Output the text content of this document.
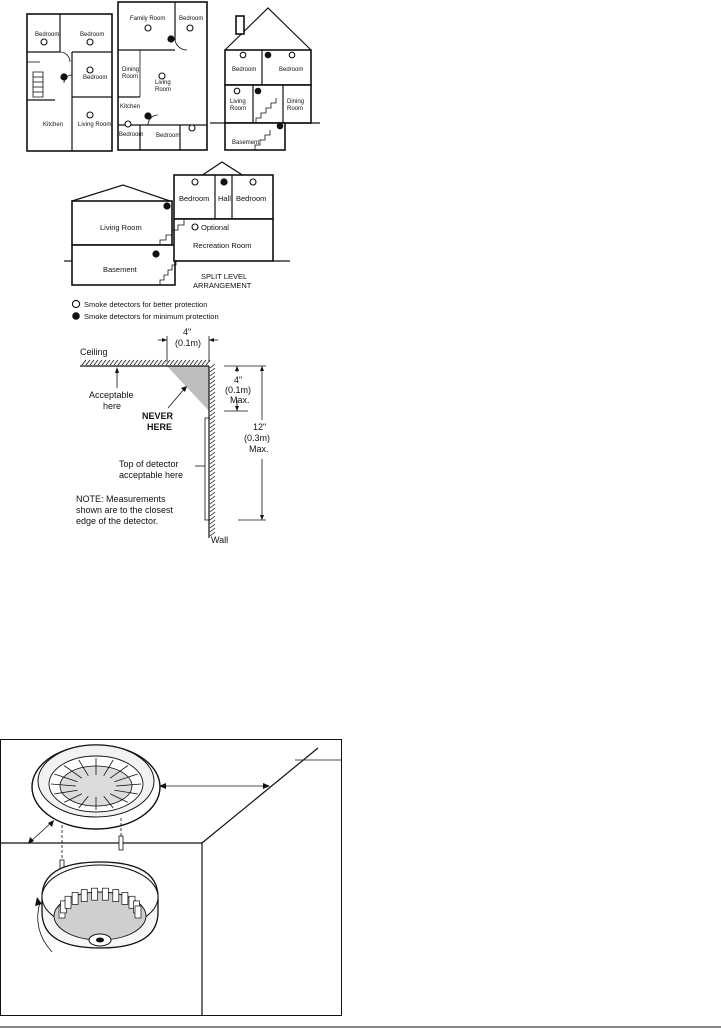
Bedroom	Bedroom
Bedroom
Kitchen Living Room
Family Room Bedroom
Dining
Room
Living
Room
Kitchen
Bedroom Bedroom
Bedroom	Bedroom
Living
Room
Dining
Room
Basement
Living Room
Bedroom Hall Bedroom
Optional
Recreation Room
Basement
SPLIT LEVEL
ARRANGEMENT
Smoke detectors for better protection
Smoke detectors for minimum protection
Ceiling
Wall
4"
(0.1m)
4"
(0.1m)
Max.
12"
(0.3m)
Max.
Acceptable
here
NEVER
HERE
Top of detector
acceptable here
NOTE: Measurements
shown are to the closest
edge of the detector.
